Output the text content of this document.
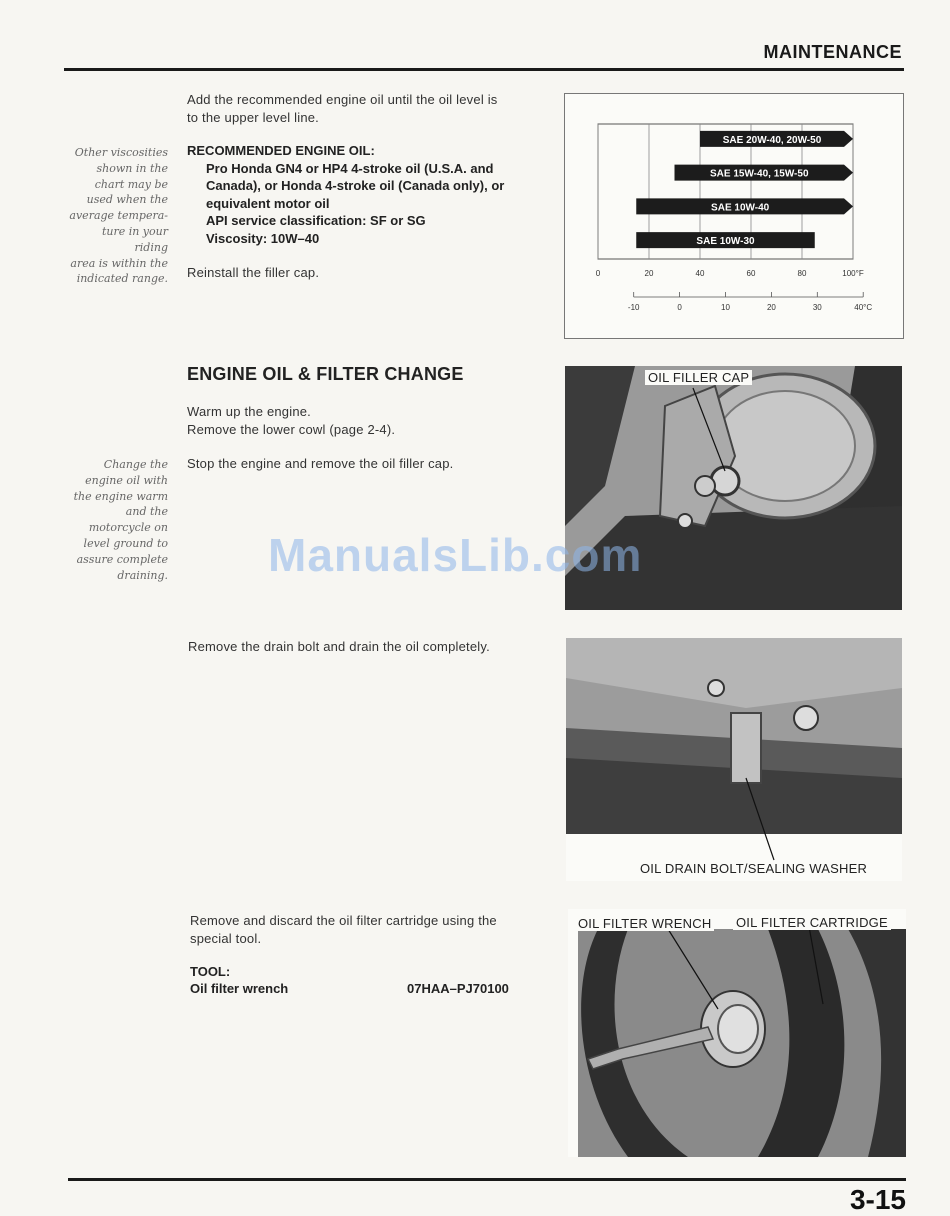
MAINTENANCE
Other viscosities
shown in the
chart may be
used when the
average tempera-
ture in your riding
area is within the
indicated range.
Add the recommended engine oil until the oil level is
to the upper level line.
RECOMMENDED ENGINE OIL:
Pro Honda GN4 or HP4 4-stroke oil (U.S.A. and
Canada), or Honda 4-stroke oil (Canada only), or
equivalent motor oil
API service classification: SF or SG
Viscosity: 10W–40
Reinstall the filler cap.
SAE 20W-40, 20W-50
SAE 15W-40, 15W-50
SAE 10W-40
SAE 10W-30
0	20	40	60	80	100°F
-10	0	10	20	30	40°C
ENGINE OIL & FILTER CHANGE
Warm up the engine.
Remove the lower cowl (page 2-4).
Stop the engine and remove the oil filler cap.
Change the
engine oil with
the engine warm
and the
motorcycle on
level ground to
assure complete
draining.
OIL FILLER CAP
Remove the drain bolt and drain the oil completely.
OIL DRAIN BOLT/SEALING WASHER
Remove and discard the oil filter cartridge using the
special tool.
TOOL:
Oil filter wrench	07HAA–PJ70100
OIL FILTER WRENCH OIL FILTER CARTRIDGE
ManualsLib.com
3-15
